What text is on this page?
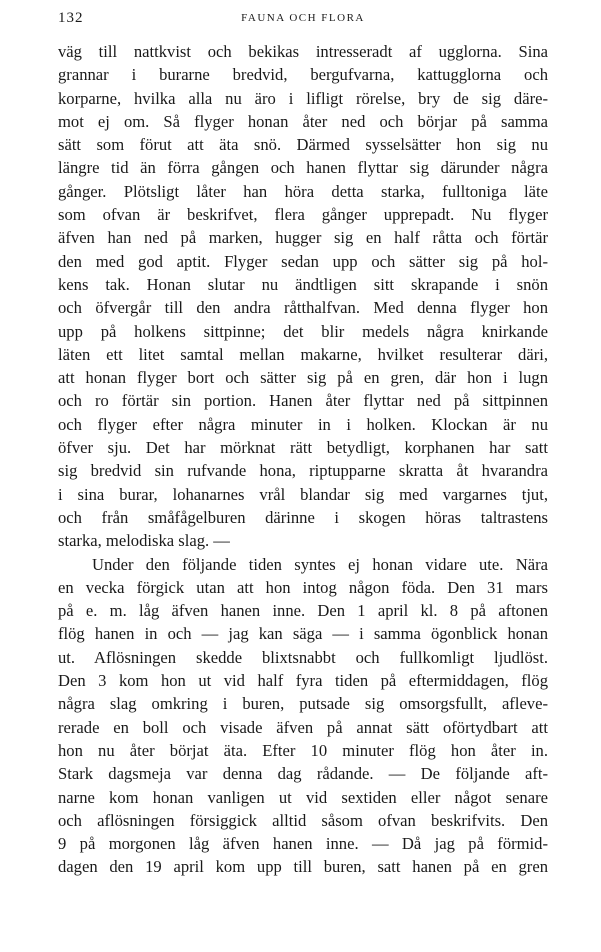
132	FAUNA OCH FLORA
väg till nattkvist och bekikas intresseradt af ugglorna. Sina
grannar i burarne bredvid, bergufvarna, kattugglorna och
korparne, hvilka alla nu äro i lifligt rörelse, bry de sig däre-
mot ej om. Så flyger honan åter ned och börjar på samma
sätt som förut att äta snö. Därmed sysselsätter hon sig nu
längre tid än förra gången och hanen flyttar sig därunder några
gånger. Plötsligt låter han höra detta starka, fulltoniga läte
som ofvan är beskrifvet, flera gånger upprepadt. Nu flyger
äfven han ned på marken, hugger sig en half råtta och förtär
den med god aptit. Flyger sedan upp och sätter sig på hol-
kens tak. Honan slutar nu ändtligen sitt skrapande i snön
och öfvergår till den andra råtthalfvan. Med denna flyger hon
upp på holkens sittpinne; det blir medels några knirkande
läten ett litet samtal mellan makarne, hvilket resulterar däri,
att honan flyger bort och sätter sig på en gren, där hon i lugn
och ro förtär sin portion. Hanen åter flyttar ned på sittpinnen
och flyger efter några minuter in i holken. Klockan är nu
öfver sju. Det har mörknat rätt betydligt, korphanen har satt
sig bredvid sin rufvande hona, riptupparne skratta åt hvarandra
i sina burar, lohanarnes vrål blandar sig med vargarnes tjut,
och från småfågelburen därinne i skogen höras taltrastens
starka, melodiska slag. —
Under den följande tiden syntes ej honan vidare ute. Nära
en vecka förgick utan att hon intog någon föda. Den 31 mars
på e. m. låg äfven hanen inne. Den 1 april kl. 8 på aftonen
flög hanen in och — jag kan säga — i samma ögonblick honan
ut. Aflösningen skedde blixtsnabbt och fullkomligt ljudlöst.
Den 3 kom hon ut vid half fyra tiden på eftermiddagen, flög
några slag omkring i buren, putsade sig omsorgsfullt, afleve-
rerade en boll och visade äfven på annat sätt oförtydbart att
hon nu åter börjat äta. Efter 10 minuter flög hon åter in.
Stark dagsmeja var denna dag rådande. — De följande aft-
narne kom honan vanligen ut vid sextiden eller något senare
och aflösningen försiggick alltid såsom ofvan beskrifvits. Den
9 på morgonen låg äfven hanen inne. — Då jag på förmid-
dagen den 19 april kom upp till buren, satt hanen på en gren
